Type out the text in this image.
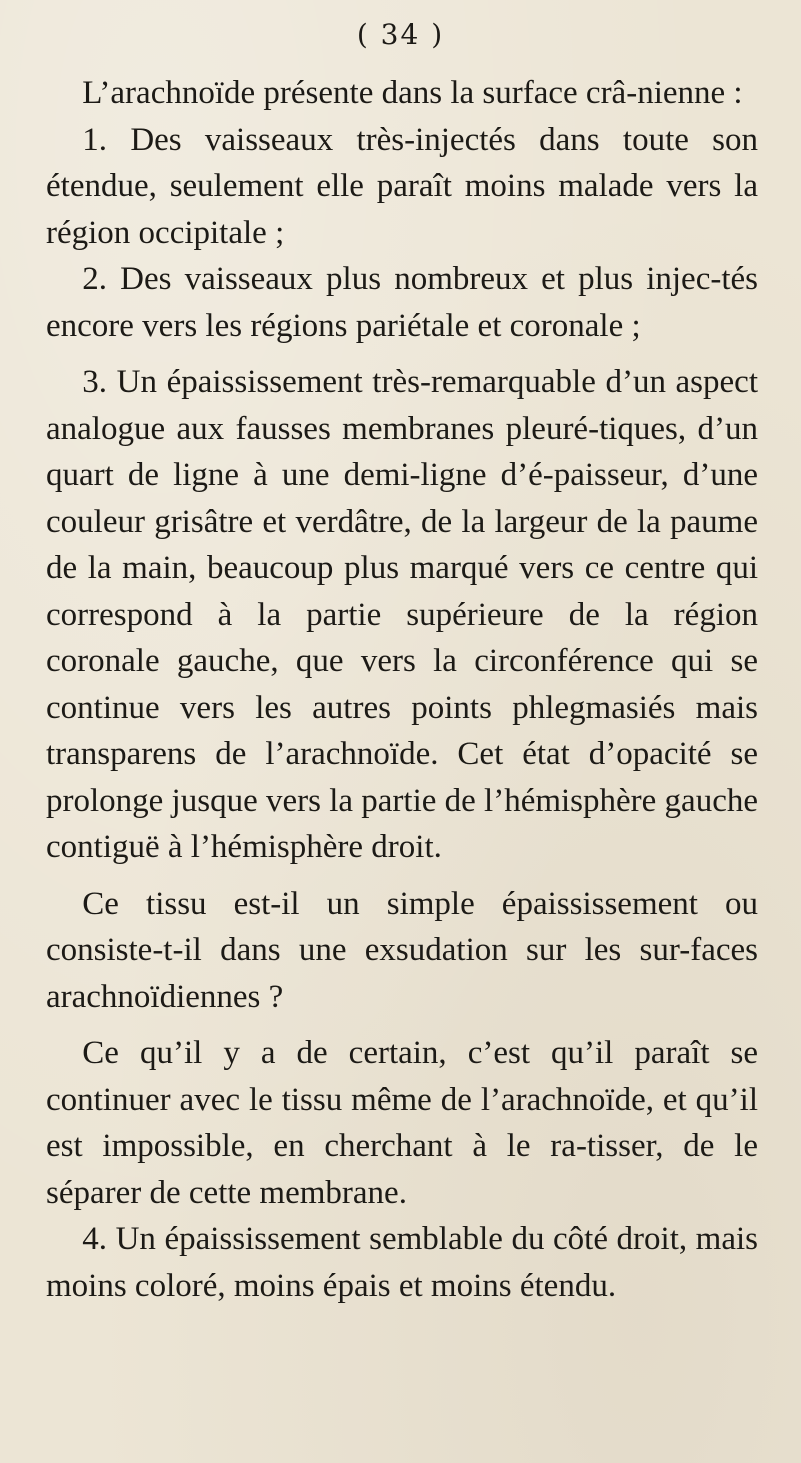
( 34 )

L’arachnoïde présente dans la surface crâ-nienne :

1. Des vaisseaux très-injectés dans toute son étendue, seulement elle paraît moins malade vers la région occipitale ;

2. Des vaisseaux plus nombreux et plus injec-tés encore vers les régions pariétale et coronale ;

3. Un épaississement très-remarquable d’un aspect analogue aux fausses membranes pleuré-tiques, d’un quart de ligne à une demi-ligne d’é-paisseur, d’une couleur grisâtre et verdâtre, de la largeur de la paume de la main, beaucoup plus marqué vers ce centre qui correspond à la partie supérieure de la région coronale gauche, que vers la circonférence qui se continue vers les autres points phlegmasiés mais transparens de l’arachnoïde. Cet état d’opacité se prolonge jusque vers la partie de l’hémisphère gauche contiguë à l’hémisphère droit.

Ce tissu est-il un simple épaississement ou consiste-t-il dans une exsudation sur les sur-faces arachnoïdiennes ?

Ce qu’il y a de certain, c’est qu’il paraît se continuer avec le tissu même de l’arachnoïde, et qu’il est impossible, en cherchant à le ra-tisser, de le séparer de cette membrane.

4. Un épaississement semblable du côté droit, mais moins coloré, moins épais et moins étendu.
